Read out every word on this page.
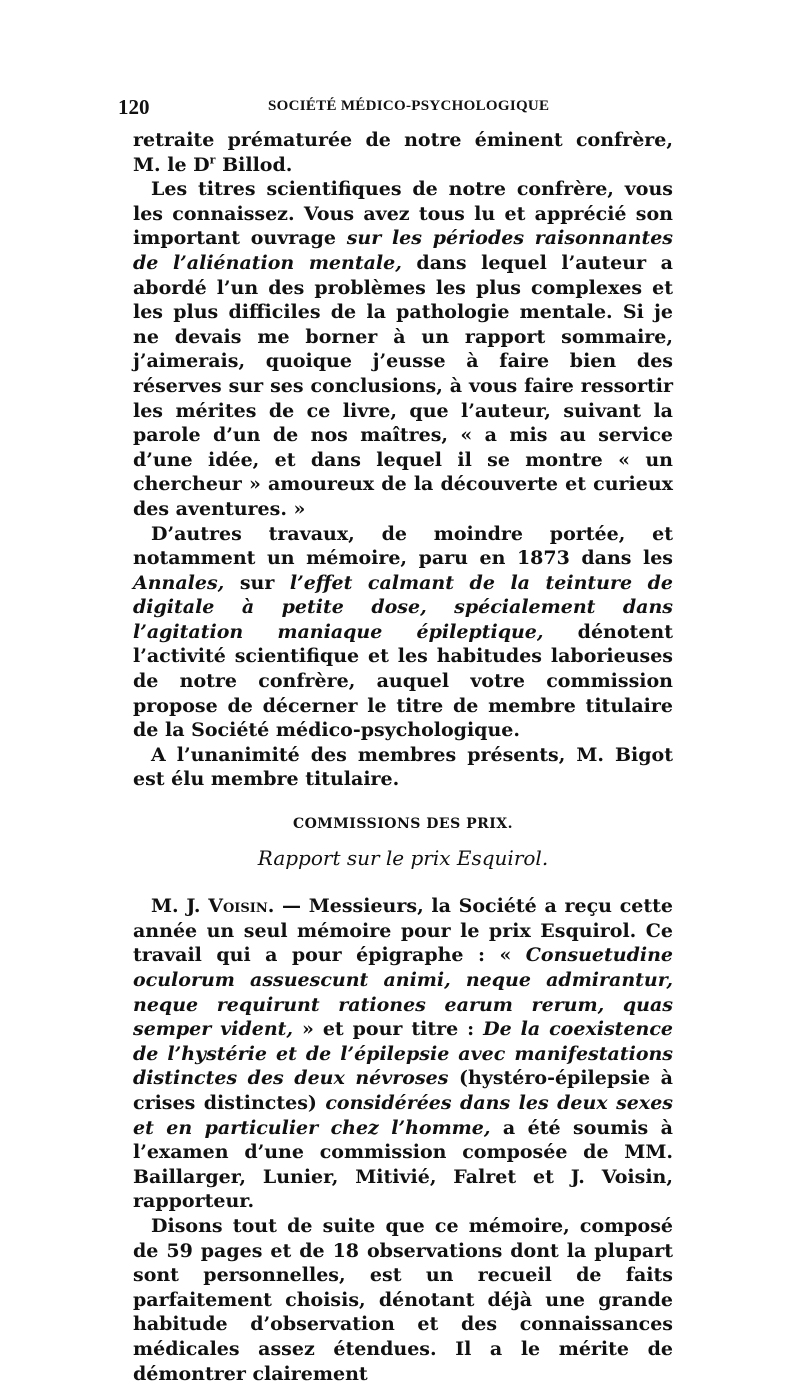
120	SOCIÉTÉ MÉDICO-PSYCHOLOGIQUE

retraite prématurée de notre éminent confrère, M. le $D^r$ Billod.

Les titres scientifiques de notre confrère, vous les connaissez. Vous avez tous lu et apprécié son important ouvrage sur les périodes raisonnantes de l’aliénation mentale, dans lequel l’auteur a abordé l’un des problèmes les plus complexes et les plus difficiles de la pathologie mentale. Si je ne devais me borner à un rapport sommaire, j’aimerais, quoique j’eusse à faire bien des réserves sur ses conclusions, à vous faire ressortir les mérites de ce livre, que l’auteur, suivant la parole d’un de nos maîtres, « a mis au service d’une idée, et dans lequel il se montre « un chercheur » amoureux de la découverte et curieux des aventures. »

D’autres travaux, de moindre portée, et notamment un mémoire, paru en 1873 dans les Annales, sur l’effet calmant de la teinture de digitale à petite dose, spécialement dans l’agitation maniaque épileptique, dénotent l’activité scientifique et les habitudes laborieuses de notre confrère, auquel votre commission propose de décerner le titre de membre titulaire de la Société médico-psychologique.

A l’unanimité des membres présents, M. Bigot est élu membre titulaire.

COMMISSIONS DES PRIX.

Rapport sur le prix Esquirol.

M. J. Voisin. — Messieurs, la Société a reçu cette année un seul mémoire pour le prix Esquirol. Ce travail qui a pour épigraphe : « Consuetudine oculorum assuescunt animi, neque admirantur, neque requirunt rationes earum rerum, quas semper vident, » et pour titre : De la coexistence de l’hystérie et de l’épilepsie avec manifestations distinctes des deux névroses (hystéro-épilepsie à crises distinctes) considérées dans les deux sexes et en particulier chez l’homme, a été soumis à l’examen d’une commission composée de MM. Baillarger, Lunier, Mitivié, Falret et J. Voisin, rapporteur.

Disons tout de suite que ce mémoire, composé de 59 pages et de 18 observations dont la plupart sont personnelles, est un recueil de faits parfaitement choisis, dénotant déjà une grande habitude d’observation et des connaissances médicales assez étendues. Il a le mérite de démontrer clairement
